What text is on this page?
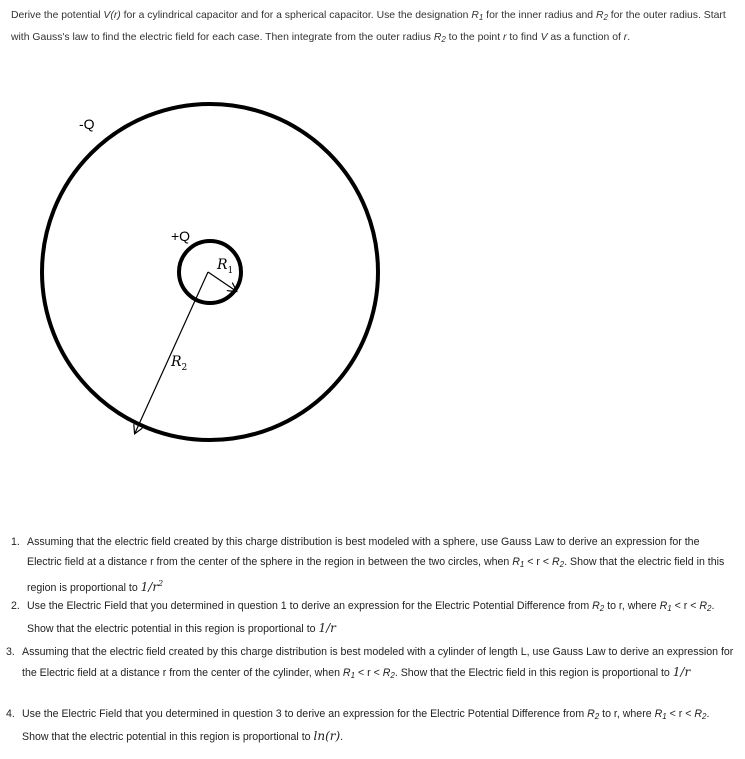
Derive the potential V(r) for a cylindrical capacitor and for a spherical capacitor. Use the designation $R_1$ for the inner radius and $R_2$ for the outer radius. Start with Gauss's law to find the electric field for each case. Then integrate from the outer radius $R_2$ to the point r to find V as a function of r.
-Q
+Q
$R_1$
$R_2$
1. Assuming that the electric field created by this charge distribution is best modeled with a sphere, use Gauss Law to derive an expression for the Electric field at a distance r from the center of the sphere in the region in between the two circles, when $R_1 < r < R_2$. Show that the electric field in this region is proportional to $1/r^2$
2. Use the Electric Field that you determined in question 1 to derive an expression for the Electric Potential Difference from $R_2$ to r, where $R_1 < r < R_2$. Show that the electric potential in this region is proportional to 1/r
3. Assuming that the electric field created by this charge distribution is best modeled with a cylinder of length L, use Gauss Law to derive an expression for the Electric field at a distance r from the center of the cylinder, when $R_1 < r < R_2$. Show that the Electric field in this region is proportional to 1/r
4. Use the Electric Field that you determined in question 3 to derive an expression for the Electric Potential Difference from $R_2$ to r, where $R_1 < r < R_2$. Show that the electric potential in this region is proportional to ln(r).
